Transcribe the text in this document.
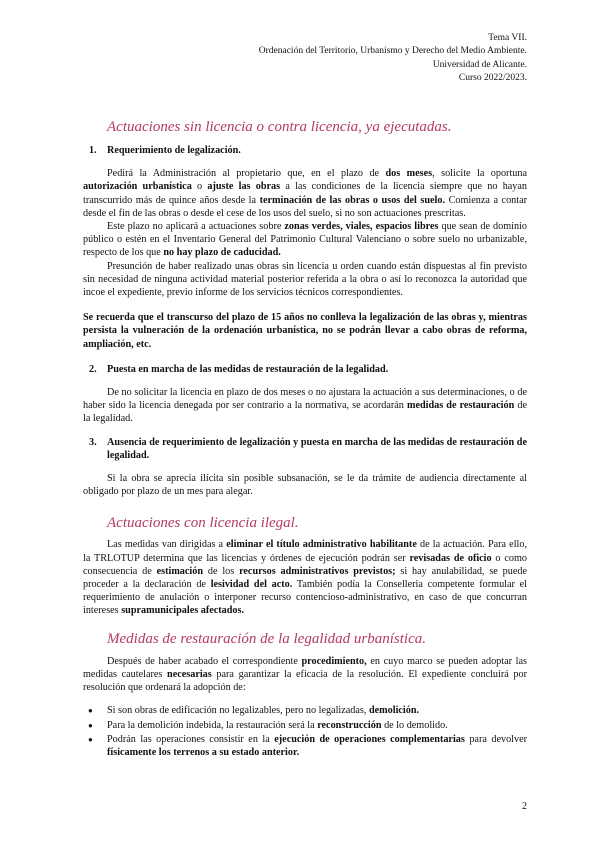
Tema VII.
Ordenación del Territorio, Urbanismo y Derecho del Medio Ambiente.
Universidad de Alicante.
Curso 2022/2023.
Actuaciones sin licencia o contra licencia, ya ejecutadas.
1.	Requerimiento de legalización.

Pedirá la Administración al propietario que, en el plazo de dos meses, solicite la oportuna autorización urbanística o ajuste las obras a las condiciones de la licencia siempre que no hayan transcurrido más de quince años desde la terminación de las obras o usos del suelo. Comienza a contar desde el fin de las obras o desde el cese de los usos del suelo, si no son actuaciones prescritas.

Este plazo no aplicará a actuaciones sobre zonas verdes, viales, espacios libres que sean de dominio público o estén en el Inventario General del Patrimonio Cultural Valenciano o sobre suelo no urbanizable, respecto de los que no hay plazo de caducidad.

Presunción de haber realizado unas obras sin licencia u orden cuando están dispuestas al fin previsto sin necesidad de ninguna actividad material posterior referida a la obra o así lo reconozca la autoridad que incoe el expediente, previo informe de los servicios técnicos correspondientes.

Se recuerda que el transcurso del plazo de 15 años no conlleva la legalización de las obras y, mientras persista la vulneración de la ordenación urbanística, no se podrán llevar a cabo obras de reforma, ampliación, etc.

2.	Puesta en marcha de las medidas de restauración de la legalidad.

De no solicitar la licencia en plazo de dos meses o no ajustara la actuación a sus determinaciones, o de haber sido la licencia denegada por ser contrario a la normativa, se acordarán medidas de restauración de la legalidad.

3.	Ausencia de requerimiento de legalización y puesta en marcha de las medidas de restauración de legalidad.

Si la obra se aprecia ilícita sin posible subsanación, se le da trámite de audiencia directamente al obligado por plazo de un mes para alegar.

Actuaciones con licencia ilegal.

Las medidas van dirigidas a eliminar el título administrativo habilitante de la actuación. Para ello, la TRLOTUP determina que las licencias y órdenes de ejecución podrán ser revisadas de oficio o como consecuencia de estimación de los recursos administrativos previstos; si hay anulabilidad, se puede proceder a la declaración de lesividad del acto. También podía la Conselleria competente formular el requerimiento de anulación o interponer recurso contencioso-administrativo, en caso de que concurran intereses supramunicipales afectados.

Medidas de restauración de la legalidad urbanística.

Después de haber acabado el correspondiente procedimiento, en cuyo marco se pueden adoptar las medidas cautelares necesarias para garantizar la eficacia de la resolución. El expediente concluirá por resolución que ordenará la adopción de:

● Si son obras de edificación no legalizables, pero no legalizadas, demolición.
● Para la demolición indebida, la restauración será la reconstrucción de lo demolido.
● Podrán las operaciones consistir en la ejecución de operaciones complementarias para devolver físicamente los terrenos a su estado anterior.
2
